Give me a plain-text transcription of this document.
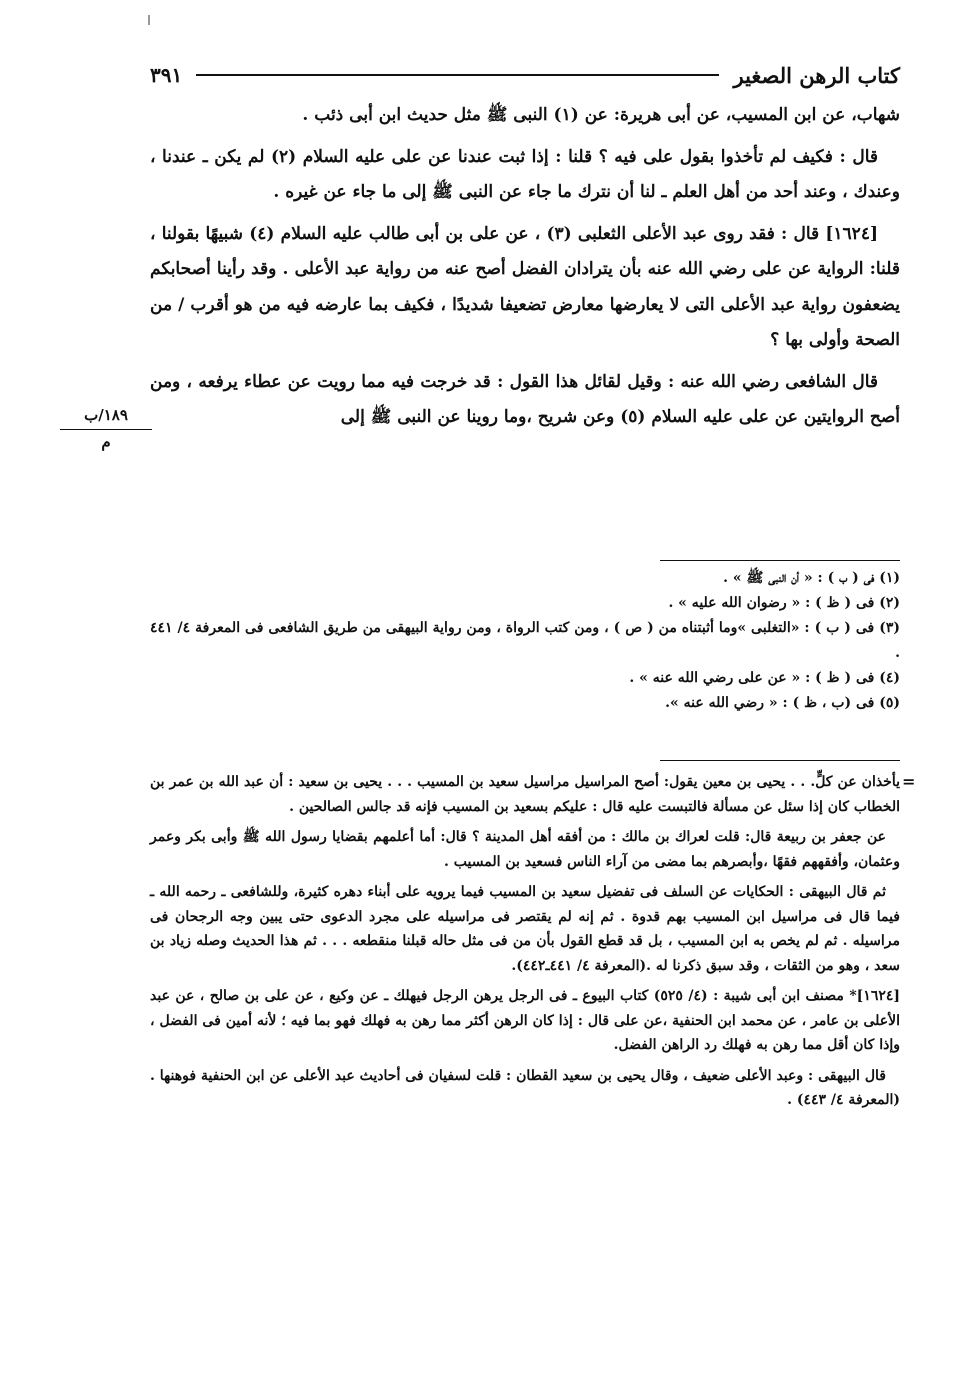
كتاب الرهن الصغير
٣٩١

شهاب، عن ابن المسيب، عن أبى هريرة: عن (١) النبى ﷺ مثل حديث ابن أبى ذئب .

قال : فكيف لم تأخذوا بقول على فيه ؟ قلنا : إذا ثبت عندنا عن على عليه السلام (٢) لم يكن ـ عندنا ، وعندك ، وعند أحد من أهل العلم ـ لنا أن نترك ما جاء عن النبى ﷺ إلى ما جاء عن غيره .

[١٦٢٤] قال : فقد روى عبد الأعلى الثعلبى (٣) ، عن على بن أبى طالب عليه السلام (٤) شبيهًا بقولنا ، قلنا: الرواية عن على رضي الله عنه بأن يترادان الفضل أصح عنه من رواية عبد الأعلى . وقد رأينا أصحابكم يضعفون رواية عبد الأعلى التى لا يعارضها معارض تضعيفا شديدًا ، فكيف بما عارضه فيه من هو أقرب / من الصحة وأولى بها ؟

قال الشافعى رضي الله عنه : وقيل لقائل هذا القول : قد خرجت فيه مما رويت عن عطاء يرفعه ، ومن أصح الروايتين عن على عليه السلام (٥) وعن شريح ،وما روينا عن النبى ﷺ إلى

١٨٩/ب
م

(١) فى ( ب ) : « أن النبى ﷺ » .

(٢) فى ( ظ ) : « رضوان الله عليه » .

(٣) فى ( ب ) : «التغلبى »وما أثبتناه من ( ص ) ، ومن كتب الرواة ، ومن رواية البيهقى من طريق الشافعى فى المعرفة ٤/ ٤٤١ .

(٤) فى ( ظ ) : « عن على رضي الله عنه » .

(٥) فى (ب ، ظ ) : « رضي الله عنه ».

=

يأخذان عن كلٍّ. . . يحيى بن معين يقول: أصح المراسيل مراسيل سعيد بن المسيب . . . يحيى بن سعيد : أن عبد الله بن عمر بن الخطاب كان إذا سئل عن مسألة فالتبست عليه قال : عليكم بسعيد بن المسيب فإنه قد جالس الصالحين .

عن جعفر بن ربيعة قال: قلت لعراك بن مالك : من أفقه أهل المدينة ؟ قال: أما أعلمهم بقضايا رسول الله ﷺ وأبى بكر وعمر وعثمان، وأفقههم فقهًا ،وأبصرهم بما مضى من آراء الناس فسعيد بن المسيب .

ثم قال البيهقى : الحكايات عن السلف فى تفضيل سعيد بن المسيب فيما يرويه على أبناء دهره كثيرة، وللشافعى ـ رحمه الله ـ فيما قال فى مراسيل ابن المسيب بهم قدوة . ثم إنه لم يقتصر فى مراسيله على مجرد الدعوى حتى يبين وجه الرجحان فى مراسيله . ثم لم يخص به ابن المسيب ، بل قد قطع القول بأن من فى مثل حاله قبلنا منقطعه . . . ثم هذا الحديث وصله زياد بن سعد ، وهو من الثقات ، وقد سبق ذكرنا له .(المعرفة ٤/ ٤٤١ـ٤٤٢).

[١٦٢٤]* مصنف ابن أبى شيبة : (٤/ ٥٢٥) كتاب البيوع ـ فى الرجل يرهن الرجل فيهلك ـ عن وكيع ، عن على بن صالح ، عن عبد الأعلى بن عامر ، عن محمد ابن الحنفية ،عن على قال : إذا كان الرهن أكثر مما رهن به فهلك فهو بما فيه ؛ لأنه أمين فى الفضل ، وإذا كان أقل مما رهن به فهلك رد الراهن الفضل.

قال البيهقى : وعبد الأعلى ضعيف ، وقال يحيى بن سعيد القطان : قلت لسفيان فى أحاديث عبد الأعلى عن ابن الحنفية فوهنها .(المعرفة ٤/ ٤٤٣) .
